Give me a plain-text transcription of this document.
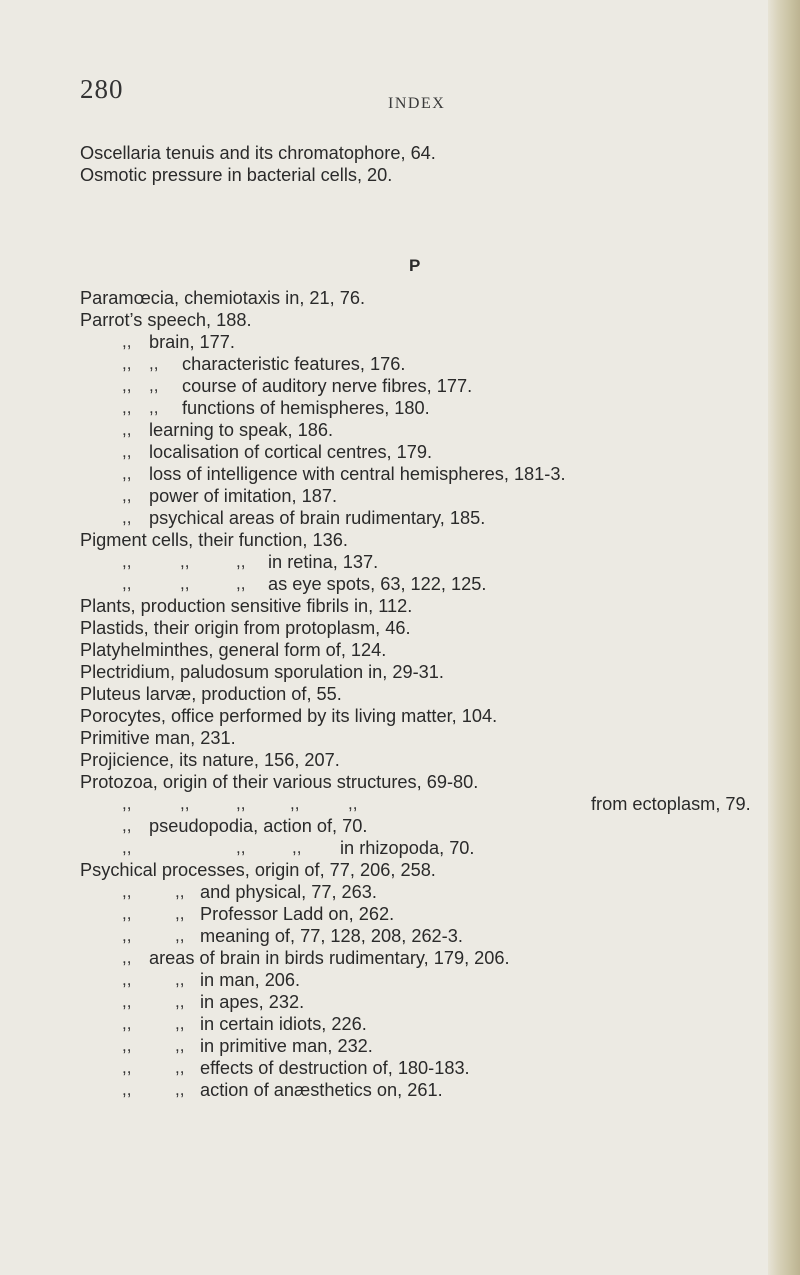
280	INDEX
Oscellaria tenuis and its chromatophore, 64.
Osmotic pressure in bacterial cells, 20.
P
Paramœcia, chemiotaxis in, 21, 76.
Parrot’s speech, 188.
,, brain, 177.
,, ,, characteristic features, 176.
,, ,, course of auditory nerve fibres, 177.
,, ,, functions of hemispheres, 180.
,, learning to speak, 186.
,, localisation of cortical centres, 179.
,, loss of intelligence with central hemispheres, 181-3.
,, power of imitation, 187.
,, psychical areas of brain rudimentary, 185.
Pigment cells, their function, 136.
,,	,,	,, in retina, 137.
,,	,,	,, as eye spots, 63, 122, 125.
Plants, production sensitive fibrils in, 112.
Plastids, their origin from protoplasm, 46.
Platyhelminthes, general form of, 124.
Plectridium, paludosum sporulation in, 29-31.
Pluteus larvæ, production of, 55.
Porocytes, office performed by its living matter, 104.
Primitive man, 231.
Projicience, its nature, 156, 207.
Protozoa, origin of their various structures, 69-80.
,,	,,	,,	,,	,,	from ectoplasm, 79.
,, pseudopodia, action of, 70.
,,	,,	,, in rhizopoda, 70.
Psychical processes, origin of, 77, 206, 258.
,,	,, and physical, 77, 263.
,,	,, Professor Ladd on, 262.
,,	,, meaning of, 77, 128, 208, 262-3.
,, areas of brain in birds rudimentary, 179, 206.
,,	,, in man, 206.
,,	,, in apes, 232.
,,	,, in certain idiots, 226.
,,	,, in primitive man, 232.
,,	,, effects of destruction of, 180-183.
,,	,, action of anæsthetics on, 261.
